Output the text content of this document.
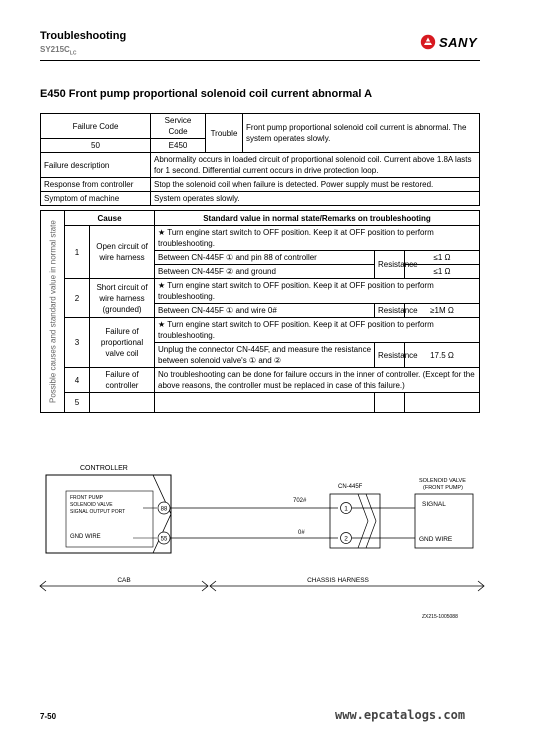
Troubleshooting
$SY215C_{LC}$
SANY
E450 Front pump proportional solenoid coil current abnormal A
Failure Code	Service Code	Trouble	Front pump proportional solenoid coil current is abnormal. The system operates slowly.
50	E450		
Failure description	Abnormality occurs in loaded circuit of proportional solenoid coil. Current above 1.8A lasts for 1 second. Differential current occurs in drive protection loop.		
Response from controller	Stop the solenoid coil when failure is detected. Power supply must be restored.		
Symptom of machine	System operates slowly.		
Possible causes and standard value in normal state	Cause		Standard value in normal state/Remarks on troubleshooting		
	1	Open circuit of wire harness	★ Turn engine start switch to OFF position. Keep it at OFF position to perform troubleshooting.		
			Between CN-445F ① and pin 88 of controller	Resistance	≤1 Ω
			Between CN-445F ② and ground		≤1 Ω
	2	Short circuit of wire harness (grounded)	★ Turn engine start switch to OFF position. Keep it at OFF position to perform troubleshooting.		
			Between CN-445F ① and wire 0#	Resistance	≥1M Ω
	3	Failure of proportional valve coil	★ Turn engine start switch to OFF position. Keep it at OFF position to perform troubleshooting.		
			Unplug the connector CN-445F, and measure the resistance between solenoid valve's ① and ②	Resistance	17.5 Ω
	4	Failure of controller	No troubleshooting can be done for failure occurs in the inner of controller. (Except for the above reasons, the controller must be replaced in case of this failure.)		
	5				
CONTROLLER
FRONT PUMP
SOLENOID VALVE
SIGNAL OUTPUT PORT
GND WIRE
88
55
702#
0#
CN-445F
1
2
SOLENOID VALVE
(FRONT PUMP)
SIGNAL
GND WIRE
CAB	CHASSIS HARNESS
ZX215-1005088
7-50	www.epcatalogs.com
